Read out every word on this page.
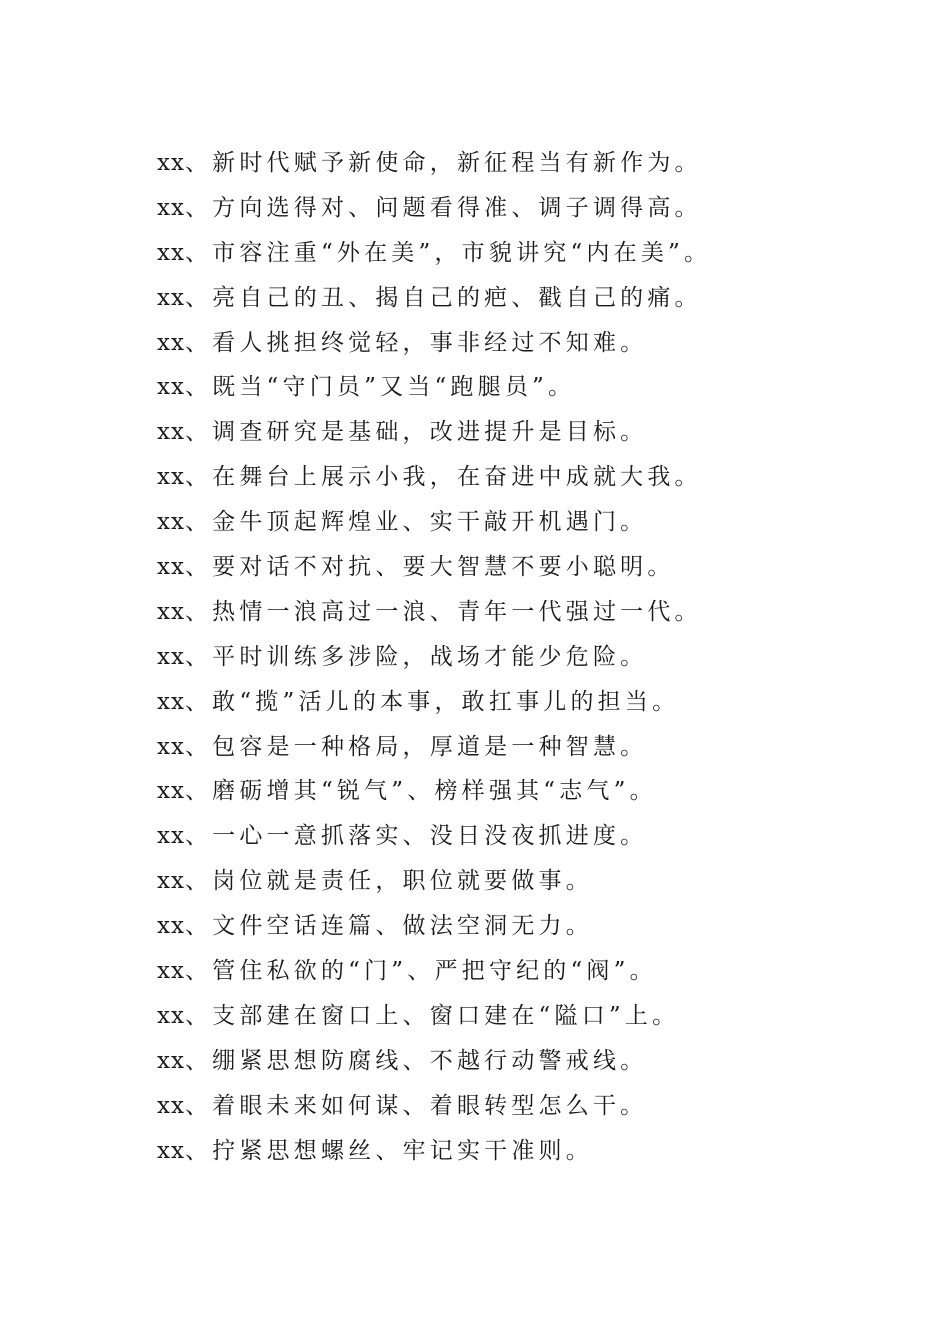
xx、新时代赋予新使命，新征程当有新作为。
xx、方向选得对、问题看得准、调子调得高。
xx、市容注重“外在美”，市貌讲究“内在美”。
xx、亮自己的丑、揭自己的疤、戳自己的痛。
xx、看人挑担终觉轻，事非经过不知难。
xx、既当“守门员”又当“跑腿员”。
xx、调查研究是基础，改进提升是目标。
xx、在舞台上展示小我，在奋进中成就大我。
xx、金牛顶起辉煌业、实干敲开机遇门。
xx、要对话不对抗、要大智慧不要小聪明。
xx、热情一浪高过一浪、青年一代强过一代。
xx、平时训练多涉险，战场才能少危险。
xx、敢“揽”活儿的本事，敢扛事儿的担当。
xx、包容是一种格局，厚道是一种智慧。
xx、磨砺增其“锐气”、榜样强其“志气”。
xx、一心一意抓落实、没日没夜抓进度。
xx、岗位就是责任，职位就要做事。
xx、文件空话连篇、做法空洞无力。
xx、管住私欲的“门”、严把守纪的“阀”。
xx、支部建在窗口上、窗口建在“隘口”上。
xx、绷紧思想防腐线、不越行动警戒线。
xx、着眼未来如何谋、着眼转型怎么干。
xx、拧紧思想螺丝、牢记实干准则。
